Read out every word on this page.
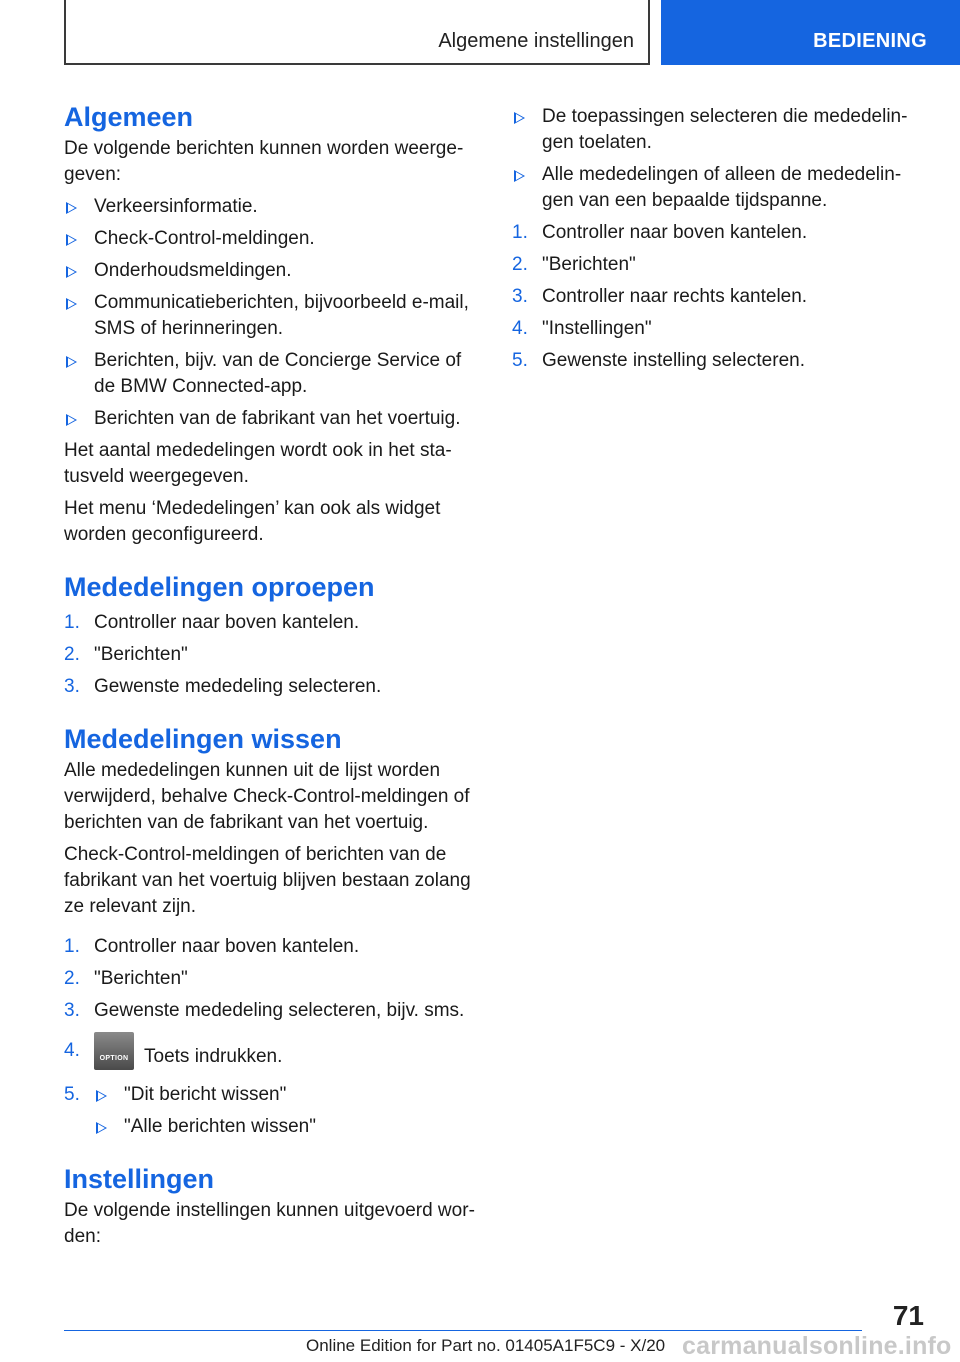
Algemene instellingen	BEDIENING
Algemeen

De volgende berichten kunnen worden weergegeven:

Verkeersinformatie.
Check-Control-meldingen.
Onderhoudsmeldingen.
Communicatieberichten, bijvoorbeeld e-mail, SMS of herinneringen.
Berichten, bijv. van de Concierge Service of de BMW Connected-app.
Berichten van de fabrikant van het voertuig.

Het aantal mededelingen wordt ook in het statusveld weergegeven.

Het menu ‘Mededelingen’ kan ook als widget worden geconfigureerd.

Mededelingen oproepen
1. Controller naar boven kantelen.
2. "Berichten"
3. Gewenste mededeling selecteren.
Mededelingen wissen

Alle mededelingen kunnen uit de lijst worden verwijderd, behalve Check-Control-meldingen of berichten van de fabrikant van het voertuig.

Check-Control-meldingen of berichten van de fabrikant van het voertuig blijven bestaan zolang ze relevant zijn.

1. Controller naar boven kantelen.
2. "Berichten"
3. Gewenste mededeling selecteren, bijv. sms.
4.	OPTION Toets indrukken.
5.	"Dit bericht wissen"
"Alle berichten wissen"
Instellingen

De volgende instellingen kunnen uitgevoerd worden:

De toepassingen selecteren die mededelingen toelaten.
Alle mededelingen of alleen de mededelingen van een bepaalde tijdspanne.
1. Controller naar boven kantelen.
2. "Berichten"
3. Controller naar rechts kantelen.
4. "Instellingen"
5. Gewenste instelling selecteren.
71
Online Edition for Part no. 01405A1F5C9 - X/20 carmanualsonline.info
